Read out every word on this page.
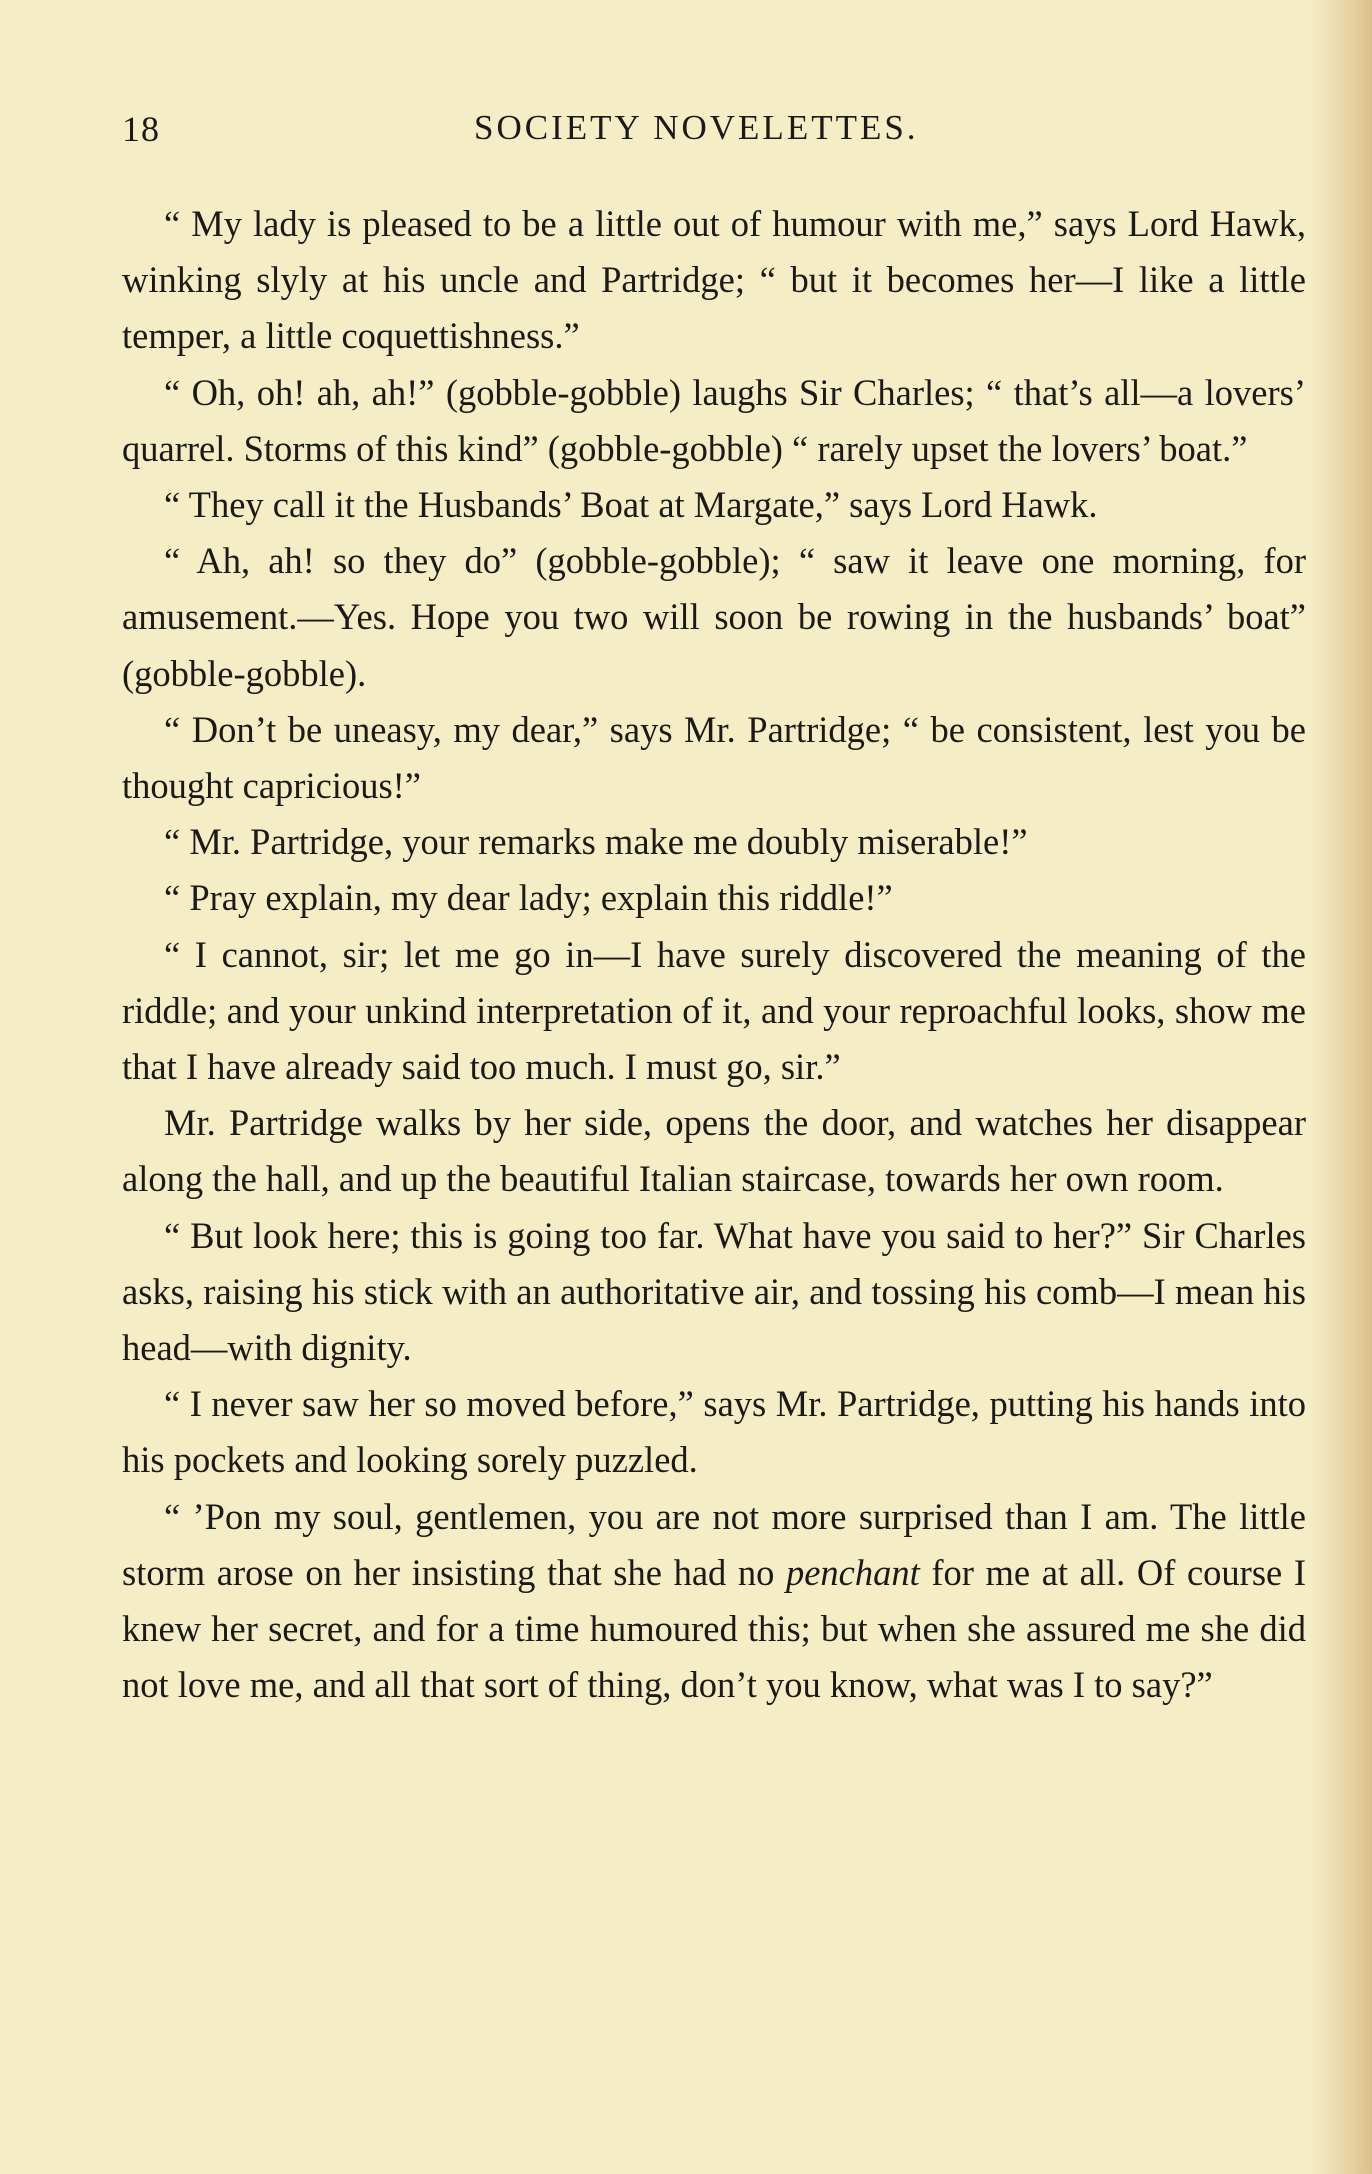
18	SOCIETY NOVELETTES.

“ My lady is pleased to be a little out of humour with me,” says Lord Hawk, winking slyly at his uncle and Partridge; “ but it becomes her—I like a little temper, a little coquettishness.”

“ Oh, oh! ah, ah!” (gobble-gobble) laughs Sir Charles; “ that’s all—a lovers’ quarrel. Storms of this kind” (gobble-gobble) “ rarely upset the lovers’ boat.”

“ They call it the Husbands’ Boat at Margate,” says Lord Hawk.

“ Ah, ah! so they do” (gobble-gobble); “ saw it leave one morning, for amusement.—Yes. Hope you two will soon be rowing in the husbands’ boat” (gobble-gobble).

“ Don’t be uneasy, my dear,” says Mr. Partridge; “ be consistent, lest you be thought capricious!”

“ Mr. Partridge, your remarks make me doubly miserable!”

“ Pray explain, my dear lady; explain this riddle!”

“ I cannot, sir; let me go in—I have surely discovered the meaning of the riddle; and your unkind interpretation of it, and your reproachful looks, show me that I have already said too much. I must go, sir.”

Mr. Partridge walks by her side, opens the door, and watches her disappear along the hall, and up the beautiful Italian staircase, towards her own room.

“ But look here; this is going too far. What have you said to her?” Sir Charles asks, raising his stick with an authoritative air, and tossing his comb—I mean his head—with dignity.

“ I never saw her so moved before,” says Mr. Partridge, putting his hands into his pockets and looking sorely puzzled.

“ ’Pon my soul, gentlemen, you are not more surprised than I am. The little storm arose on her insisting that she had no penchant for me at all. Of course I knew her secret, and for a time humoured this; but when she assured me she did not love me, and all that sort of thing, don’t you know, what was I to say?”
